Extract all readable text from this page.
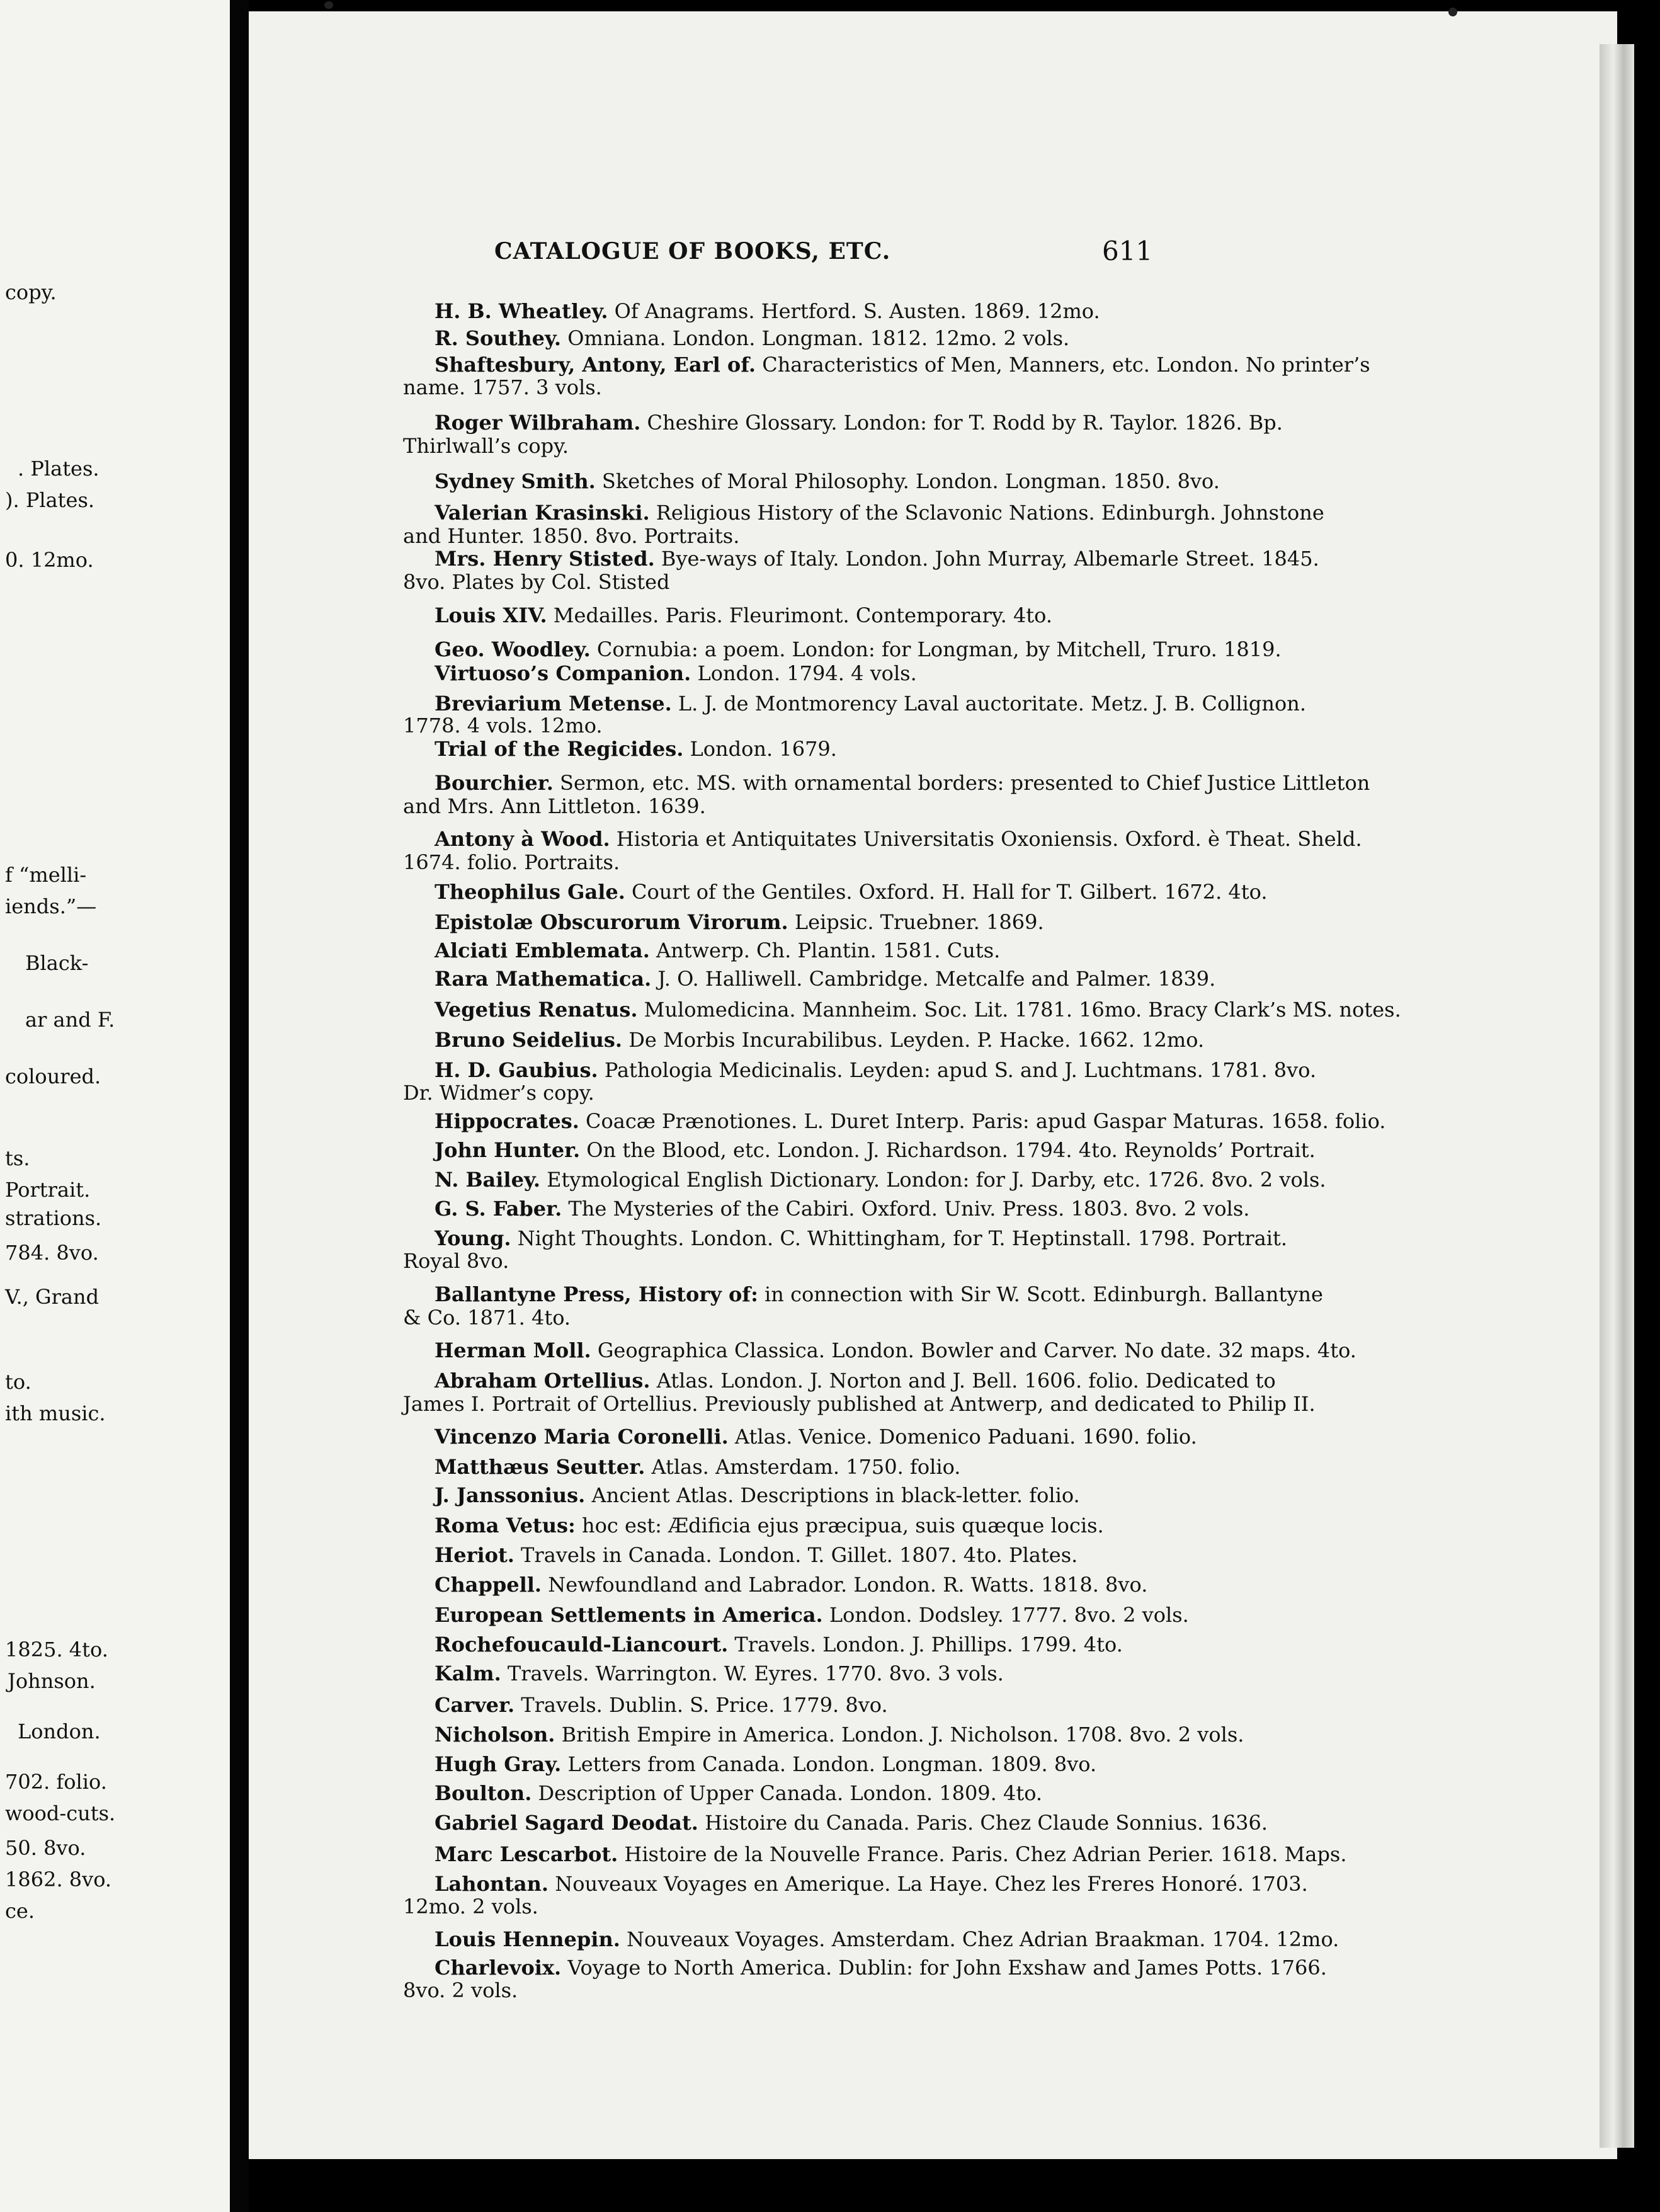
CATALOGUE OF BOOKS, ETC.	611
copy.
. Plates.
). Plates.
0. 12mo.
f “melli-
iends.”—
Black-
ar and F.
coloured.
ts.
Portrait.
strations.
784. 8vo.
V., Grand
to.
ith music.
1825. 4to.
Johnson.
London.
702. folio.
wood-cuts.
50. 8vo.
1862. 8vo.
ce.
H. B. Wheatley. Of Anagrams. Hertford. S. Austen. 1869. 12mo.
R. Southey. Omniana. London. Longman. 1812. 12mo. 2 vols.
Shaftesbury, Antony, Earl of. Characteristics of Men, Manners, etc. London. No printer’s
name. 1757. 3 vols.
Roger Wilbraham. Cheshire Glossary. London: for T. Rodd by R. Taylor. 1826. Bp.
Thirlwall’s copy.
Sydney Smith. Sketches of Moral Philosophy. London. Longman. 1850. 8vo.
Valerian Krasinski. Religious History of the Sclavonic Nations. Edinburgh. Johnstone
and Hunter. 1850. 8vo. Portraits.
Mrs. Henry Stisted. Bye-ways of Italy. London. John Murray, Albemarle Street. 1845.
8vo. Plates by Col. Stisted
Louis XIV. Medailles. Paris. Fleurimont. Contemporary. 4to.
Geo. Woodley. Cornubia: a poem. London: for Longman, by Mitchell, Truro. 1819.
Virtuoso’s Companion. London. 1794. 4 vols.
Breviarium Metense. L. J. de Montmorency Laval auctoritate. Metz. J. B. Collignon.
1778. 4 vols. 12mo.
Trial of the Regicides. London. 1679.
Bourchier. Sermon, etc. MS. with ornamental borders: presented to Chief Justice Littleton
and Mrs. Ann Littleton. 1639.
Antony à Wood. Historia et Antiquitates Universitatis Oxoniensis. Oxford. è Theat. Sheld.
1674. folio. Portraits.
Theophilus Gale. Court of the Gentiles. Oxford. H. Hall for T. Gilbert. 1672. 4to.
Epistolæ Obscurorum Virorum. Leipsic. Truebner. 1869.
Alciati Emblemata. Antwerp. Ch. Plantin. 1581. Cuts.
Rara Mathematica. J. O. Halliwell. Cambridge. Metcalfe and Palmer. 1839.
Vegetius Renatus. Mulomedicina. Mannheim. Soc. Lit. 1781. 16mo. Bracy Clark’s MS. notes.
Bruno Seidelius. De Morbis Incurabilibus. Leyden. P. Hacke. 1662. 12mo.
H. D. Gaubius. Pathologia Medicinalis. Leyden: apud S. and J. Luchtmans. 1781. 8vo.
Dr. Widmer’s copy.
Hippocrates. Coacæ Prænotiones. L. Duret Interp. Paris: apud Gaspar Maturas. 1658. folio.
John Hunter. On the Blood, etc. London. J. Richardson. 1794. 4to. Reynolds’ Portrait.
N. Bailey. Etymological English Dictionary. London: for J. Darby, etc. 1726. 8vo. 2 vols.
G. S. Faber. The Mysteries of the Cabiri. Oxford. Univ. Press. 1803. 8vo. 2 vols.
Young. Night Thoughts. London. C. Whittingham, for T. Heptinstall. 1798. Portrait.
Royal 8vo.
Ballantyne Press, History of: in connection with Sir W. Scott. Edinburgh. Ballantyne
& Co. 1871. 4to.
Herman Moll. Geographica Classica. London. Bowler and Carver. No date. 32 maps. 4to.
Abraham Ortellius. Atlas. London. J. Norton and J. Bell. 1606. folio. Dedicated to
James I. Portrait of Ortellius. Previously published at Antwerp, and dedicated to Philip II.
Vincenzo Maria Coronelli. Atlas. Venice. Domenico Paduani. 1690. folio.
Matthæus Seutter. Atlas. Amsterdam. 1750. folio.
J. Janssonius. Ancient Atlas. Descriptions in black-letter. folio.
Roma Vetus: hoc est: Ædificia ejus præcipua, suis quæque locis.
Heriot. Travels in Canada. London. T. Gillet. 1807. 4to. Plates.
Chappell. Newfoundland and Labrador. London. R. Watts. 1818. 8vo.
European Settlements in America. London. Dodsley. 1777. 8vo. 2 vols.
Rochefoucauld-Liancourt. Travels. London. J. Phillips. 1799. 4to.
Kalm. Travels. Warrington. W. Eyres. 1770. 8vo. 3 vols.
Carver. Travels. Dublin. S. Price. 1779. 8vo.
Nicholson. British Empire in America. London. J. Nicholson. 1708. 8vo. 2 vols.
Hugh Gray. Letters from Canada. London. Longman. 1809. 8vo.
Boulton. Description of Upper Canada. London. 1809. 4to.
Gabriel Sagard Deodat. Histoire du Canada. Paris. Chez Claude Sonnius. 1636.
Marc Lescarbot. Histoire de la Nouvelle France. Paris. Chez Adrian Perier. 1618. Maps.
Lahontan. Nouveaux Voyages en Amerique. La Haye. Chez les Freres Honoré. 1703.
12mo. 2 vols.
Louis Hennepin. Nouveaux Voyages. Amsterdam. Chez Adrian Braakman. 1704. 12mo.
Charlevoix. Voyage to North America. Dublin: for John Exshaw and James Potts. 1766.
8vo. 2 vols.
